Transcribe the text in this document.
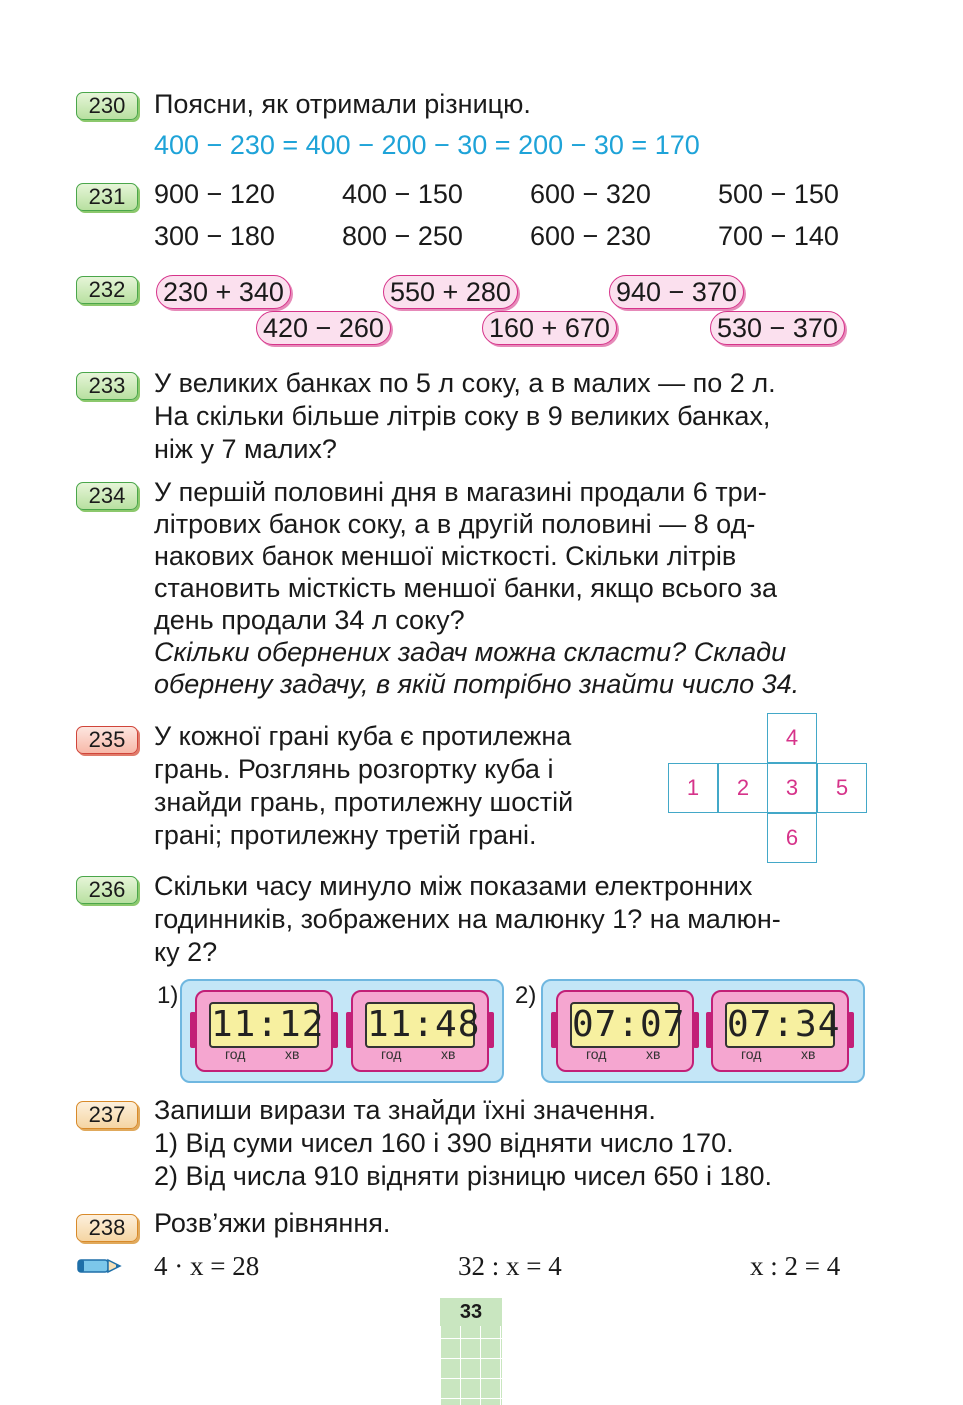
230	Поясни, як отримали різницю.
400 − 230 = 400 − 200 − 30 = 200 − 30 = 170
231	900 − 120 400 − 150 600 − 320 500 − 150
300 − 180 800 − 250 600 − 230 700 − 140
232	230 + 340	550 + 280	940 − 370
420 − 260	160 + 670	530 − 370
233	У великих банках по 5 л соку, а в малих — по 2 л.
На скільки більше літрів соку в 9 великих банках,
ніж у 7 малих?
234	У першій половині дня в магазині продали 6 три-
літрових банок соку, а в другій половині — 8 од-
накових банок меншої місткості. Скільки літрів
становить місткість меншої банки, якщо всього за
день продали 34 л соку?
Скільки обернених задач можна скласти? Склади
обернену задачу, в якій потрібно знайти число 34.
235	У кожної грані куба є протилежна
грань. Розглянь розгортку куба і
знайди грань, протилежну шостій
грані; протилежну третій грані.
4
1	2	3	5
6
236	Скільки часу минуло між показами електронних
годинників, зображених на малюнку 1? на малюн-
ку 2?
1)
11:12
год	хв
11:48
год	хв
2)
07:07
год	хв
07:34
год	хв
237	Запиши вирази та знайди їхні значення.
1) Від суми чисел 160 і 390 відняти число 170.
2) Від числа 910 відняти різницю чисел 650 і 180.
238	Розв’яжи рівняння.
4 · x = 28	32 : x = 4	x : 2 = 4
33
